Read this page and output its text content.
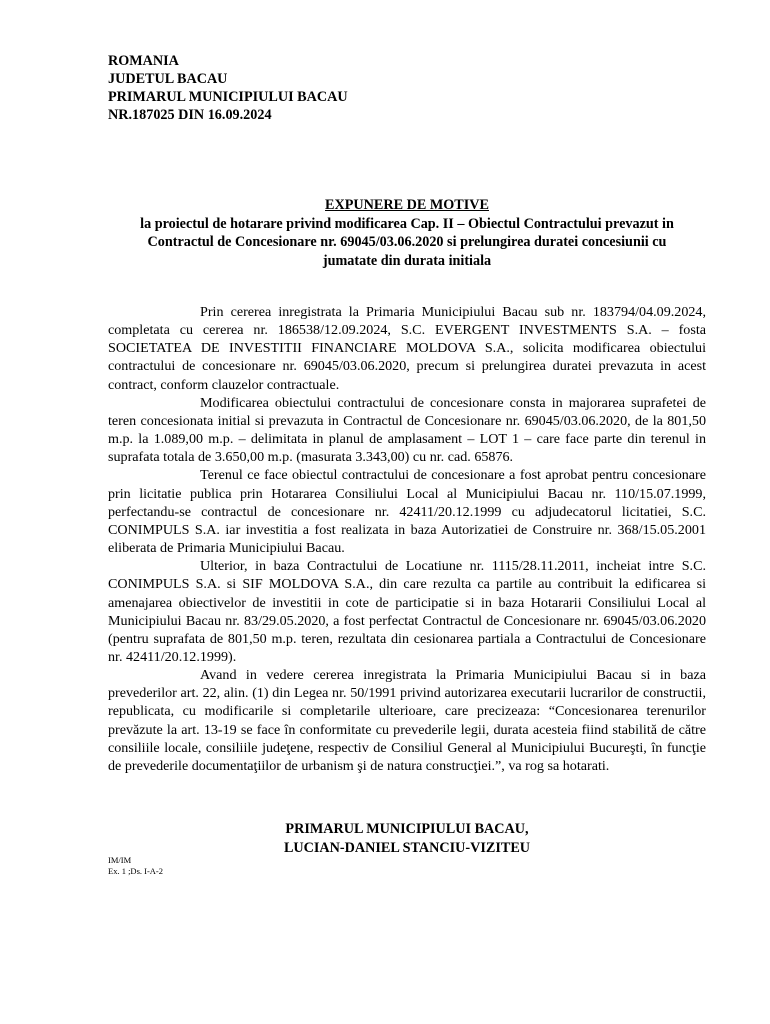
ROMANIA
JUDETUL BACAU
PRIMARUL MUNICIPIULUI BACAU
NR.187025 DIN 16.09.2024
EXPUNERE DE MOTIVE
la proiectul de hotarare privind modificarea Cap. II – Obiectul Contractului prevazut in
Contractul de Concesionare nr. 69045/03.06.2020 si prelungirea duratei concesiunii cu
jumatate din durata initiala

Prin cererea inregistrata la Primaria Municipiului Bacau sub nr. 183794/04.09.2024, completata cu cererea nr. 186538/12.09.2024, S.C. EVERGENT INVESTMENTS S.A. – fosta SOCIETATEA DE INVESTITII FINANCIARE MOLDOVA S.A., solicita modificarea obiectului contractului de concesionare nr. 69045/03.06.2020, precum si prelungirea duratei prevazuta in acest contract, conform clauzelor contractuale.

Modificarea obiectului contractului de concesionare consta in majorarea suprafetei de teren concesionata initial si prevazuta in Contractul de Concesionare nr. 69045/03.06.2020, de la 801,50 m.p. la 1.089,00 m.p. – delimitata in planul de amplasament – LOT 1 – care face parte din terenul in suprafata totala de 3.650,00 m.p. (masurata 3.343,00) cu nr. cad. 65876.

Terenul ce face obiectul contractului de concesionare a fost aprobat pentru concesionare prin licitatie publica prin Hotararea Consiliului Local al Municipiului Bacau nr. 110/15.07.1999, perfectandu-se contractul de concesionare nr. 42411/20.12.1999 cu adjudecatorul licitatiei, S.C. CONIMPULS S.A. iar investitia a fost realizata in baza Autorizatiei de Construire nr. 368/15.05.2001 eliberata de Primaria Municipiului Bacau.

Ulterior, in baza Contractului de Locatiune nr. 1115/28.11.2011, incheiat intre S.C. CONIMPULS S.A. si SIF MOLDOVA S.A., din care rezulta ca partile au contribuit la edificarea si amenajarea obiectivelor de investitii in cote de participatie si in baza Hotararii Consiliului Local al Municipiului Bacau nr. 83/29.05.2020, a fost perfectat Contractul de Concesionare nr. 69045/03.06.2020 (pentru suprafata de 801,50 m.p. teren, rezultata din cesionarea partiala a Contractului de Concesionare nr. 42411/20.12.1999).

Avand in vedere cererea inregistrata la Primaria Municipiului Bacau si in baza prevederilor art. 22, alin. (1) din Legea nr. 50/1991 privind autorizarea executarii lucrarilor de constructii, republicata, cu modificarile si completarile ulterioare, care precizeaza: “Concesionarea terenurilor prevăzute la art. 13-19 se face în conformitate cu prevederile legii, durata acesteia fiind stabilită de către consiliile locale, consiliile judeţene, respectiv de Consiliul General al Municipiului Bucureşti, în funcţie de prevederile documentaţiilor de urbanism şi de natura construcţiei.”, va rog sa hotarati.

PRIMARUL MUNICIPIULUI BACAU,
LUCIAN-DANIEL STANCIU-VIZITEU
IM/IM
Ex. 1 ;Ds. I-A-2
